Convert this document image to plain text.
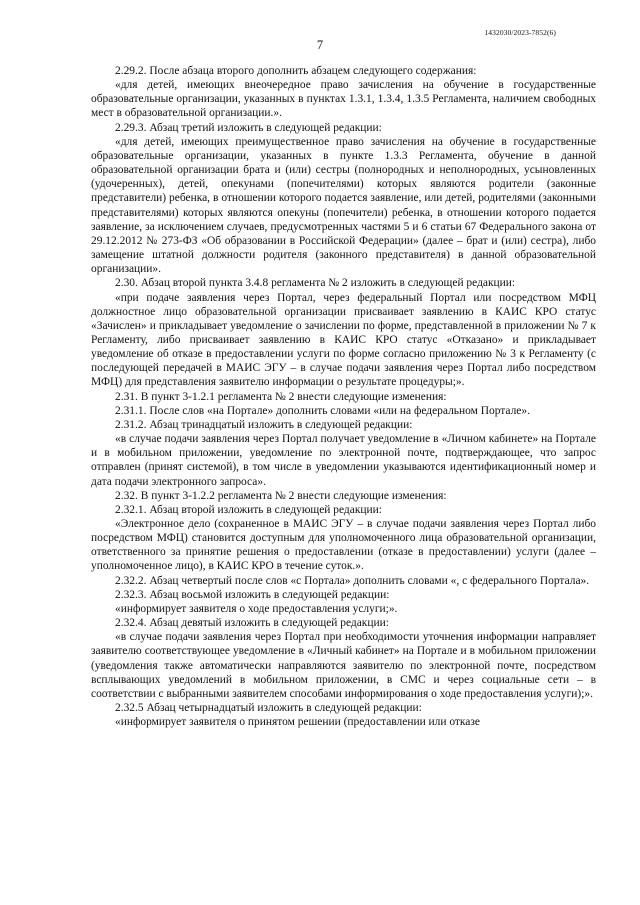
1432030/2023-7852(6)
7

2.29.2. После абзаца второго дополнить абзацем следующего содержания:

«для детей, имеющих внеочередное право зачисления на обучение в государственные образовательные организации, указанных в пунктах 1.3.1, 1.3.4, 1.3.5 Регламента, наличием свободных мест в образовательной организации.».

2.29.3. Абзац третий изложить в следующей редакции:

«для детей, имеющих преимущественное право зачисления на обучение в государственные образовательные организации, указанных в пункте 1.3.3 Регламента, обучение в данной образовательной организации брата и (или) сестры (полнородных и неполнородных, усыновленных (удочеренных), детей, опекунами (попечителями) которых являются родители (законные представители) ребенка, в отношении которого подается заявление, или детей, родителями (законными представителями) которых являются опекуны (попечители) ребенка, в отношении которого подается заявление, за исключением случаев, предусмотренных частями 5 и 6 статьи 67 Федерального закона от 29.12.2012 № 273-ФЗ «Об образовании в Российской Федерации» (далее – брат и (или) сестра), либо замещение штатной должности родителя (законного представителя) в данной образовательной организации».

2.30. Абзац второй пункта 3.4.8 регламента № 2 изложить в следующей редакции:

«при подаче заявления через Портал, через федеральный Портал или посредством МФЦ должностное лицо образовательной организации присваивает заявлению в КАИС КРО статус «Зачислен» и прикладывает уведомление о зачислении по форме, представленной в приложении № 7 к Регламенту, либо присваивает заявлению в КАИС КРО статус «Отказано» и прикладывает уведомление об отказе в предоставлении услуги по форме согласно приложению № 3 к Регламенту (с последующей передачей в МАИС ЭГУ – в случае подачи заявления через Портал либо посредством МФЦ) для представления заявителю информации о результате процедуры;».

2.31. В пункт 3-1.2.1 регламента № 2 внести следующие изменения:

2.31.1. После слов «на Портале» дополнить словами «или на федеральном Портале».

2.31.2. Абзац тринадцатый изложить в следующей редакции:

«в случае подачи заявления через Портал получает уведомление в «Личном кабинете» на Портале и в мобильном приложении, уведомление по электронной почте, подтверждающее, что запрос отправлен (принят системой), в том числе в уведомлении указываются идентификационный номер и дата подачи электронного запроса».

2.32. В пункт 3-1.2.2 регламента № 2 внести следующие изменения:

2.32.1. Абзац второй изложить в следующей редакции:

«Электронное дело (сохраненное в МАИС ЭГУ – в случае подачи заявления через Портал либо посредством МФЦ) становится доступным для уполномоченного лица образовательной организации, ответственного за принятие решения о предоставлении (отказе в предоставлении) услуги (далее – уполномоченное лицо), в КАИС КРО в течение суток.».

2.32.2. Абзац четвертый после слов «с Портала» дополнить словами «, с федерального Портала».

2.32.3. Абзац восьмой изложить в следующей редакции:

«информирует заявителя о ходе предоставления услуги;».

2.32.4. Абзац девятый изложить в следующей редакции:

«в случае подачи заявления через Портал при необходимости уточнения информации направляет заявителю соответствующее уведомление в «Личный кабинет» на Портале и в мобильном приложении (уведомления также автоматически направляются заявителю по электронной почте, посредством всплывающих уведомлений в мобильном приложении, в СМС и через социальные сети – в соответствии с выбранными заявителем способами информирования о ходе предоставления услуги);».

2.32.5 Абзац четырнадцатый изложить в следующей редакции:

«информирует заявителя о принятом решении (предоставлении или отказе
